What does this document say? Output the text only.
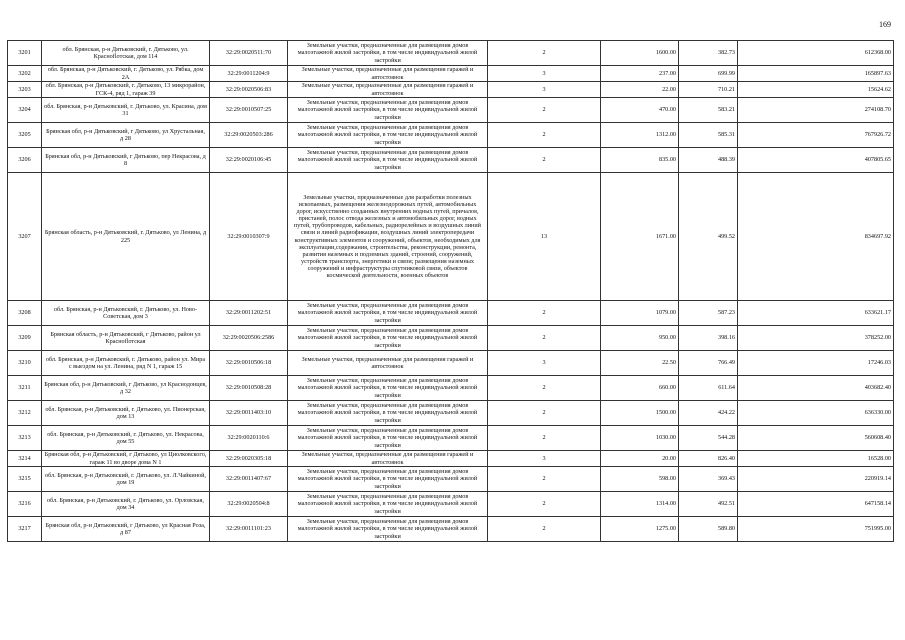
169
3201	обл. Брянская, р-н Дятьковский, г. Дятьково, ул. Красноflотская, дом 114	32:29:0020511:70	Земельные участки, предназначенные для размещения домов малоэтажной жилой застройки, в том числе индивидуальной жилой застройки	2	1600.00	382.73	612368.00
3202	обл. Брянская, р-н Дятьковский, г. Дятьково, ул. Рябка, дом 2А	32:29:0011204:9	Земельные участки, предназначенные для размещения гаражей и автостоянок	3	237.00	699.99	165897.63
3203	обл. Брянская, р-н Дятьковский, г. Дятьково, 13 микрорайон, ГСК-4, ряд 1, гараж 39	32:29:0020506:83	Земельные участки, предназначенные для размещения гаражей и автостоянок	3	22.00	710.21	15624.62
3204	обл. Брянская, р-н Дятьковский, г. Дятьково, ул. Красина, дом 31	32:29:0010507:25	Земельные участки, предназначенные для размещения домов малоэтажной жилой застройки, в том числе индивидуальной жилой застройки	2	470.00	583.21	274108.70
3205	Брянская обл, р-н Дятьковский, г Дятьково, ул Хрустальная, д 28	32:29:0020503:286	Земельные участки, предназначенные для размещения домов малоэтажной жилой застройки, в том числе индивидуальной жилой застройки	2	1312.00	585.31	767926.72
3206	Брянская обл, р-н Дятьковский, г Дятьково, пер Некрасова, д 8	32:29:0020106:45	Земельные участки, предназначенные для размещения домов малоэтажной жилой застройки, в том числе индивидуальной жилой застройки	2	835.00	488.39	407805.65
3207	Брянская область, р-н Дятьковский, г. Дятьково, ул Ленина, д 225	32:29:0010307:9	Земельные участки, предназначенные для разработки полезных ископаемых, размещения железнодорожных путей, автомобильных дорог, искусственно созданных внутренних водных путей, причалов, пристаней, полос отвода железных и автомобильных дорог, водных путей, трубопроводов, кабельных, радиорелейных и воздушных линий связи и линий радиофикации, воздушных линий электропередачи конструктивных элементов и сооружений, объектов, необходимых для эксплуатации,содержания, строительства, реконструкции, ремонта, развития наземных и подземных зданий, строений, сооружений, устройств транспорта, энергетики и связи; размещения наземных сооружений и инфраструктуры спутниковой связи, объектов космической деятельности, военных объектов	13	1671.00	499.52	834697.92
3208	обл. Брянская, р-н Дятьковский, г. Дятьково, ул. Ново-Советская, дом 3	32:29:0011202:51	Земельные участки, предназначенные для размещения домов малоэтажной жилой застройки, в том числе индивидуальной жилой застройки	2	1079.00	587.23	633621.17
3209	Брянская область, р-н Дятьковский, г Дятьково, район ул Красноflотская	32:29:0020506:2586	Земельные участки, предназначенные для размещения домов малоэтажной жилой застройки, в том числе индивидуальной жилой застройки	2	950.00	398.16	378252.00
3210	обл. Брянская, р-н Дятьковский, г. Дятьково, район ул. Мира с выездом на ул. Ленина, ряд N 1, гараж 15	32:29:0010506:18	Земельные участки, предназначенные для размещения гаражей и автостоянок	3	22.50	766.49	17246.03
3211	Брянская обл, р-н Дятьковский, г Дятьково, ул Краснодонцев, д 32	32:29:0010508:28	Земельные участки, предназначенные для размещения домов малоэтажной жилой застройки, в том числе индивидуальной жилой застройки	2	660.00	611.64	403682.40
3212	обл. Брянская, р-н Дятьковский, г. Дятьково, ул. Пионерская, дом 13	32:29:0011403:10	Земельные участки, предназначенные для размещения домов малоэтажной жилой застройки, в том числе индивидуальной жилой застройки	2	1500.00	424.22	636330.00
3213	обл. Брянская, р-н Дятьковский, г. Дятьково, ул. Некрасова, дом 55	32:29:0020110:6	Земельные участки, предназначенные для размещения домов малоэтажной жилой застройки, в том числе индивидуальной жилой застройки	2	1030.00	544.28	560608.40
3214	Брянская обл, р-н Дятьковский, г Дятьково, ул Циолковского, гараж 11 во дворе дома N 1	32:29:0020305:18	Земельные участки, предназначенные для размещения гаражей и автостоянок	3	20.00	826.40	16528.00
3215	обл. Брянская, р-н Дятьковский, г. Дятьково, ул. Л.Чайкиной, дом 19	32:29:0011407:67	Земельные участки, предназначенные для размещения домов малоэтажной жилой застройки, в том числе индивидуальной жилой застройки	2	598.00	369.43	220919.14
3216	обл. Брянская, р-н Дятьковский, г. Дятьково, ул. Орловская, дом 34	32:29:0020504:8	Земельные участки, предназначенные для размещения домов малоэтажной жилой застройки, в том числе индивидуальной жилой застройки	2	1314.00	492.51	647158.14
3217	Брянская обл, р-н Дятьковский, г Дятьково, ул Красная Роза, д 87	32:29:0011101:23	Земельные участки, предназначенные для размещения домов малоэтажной жилой застройки, в том числе индивидуальной жилой застройки	2	1275.00	589.80	751995.00
